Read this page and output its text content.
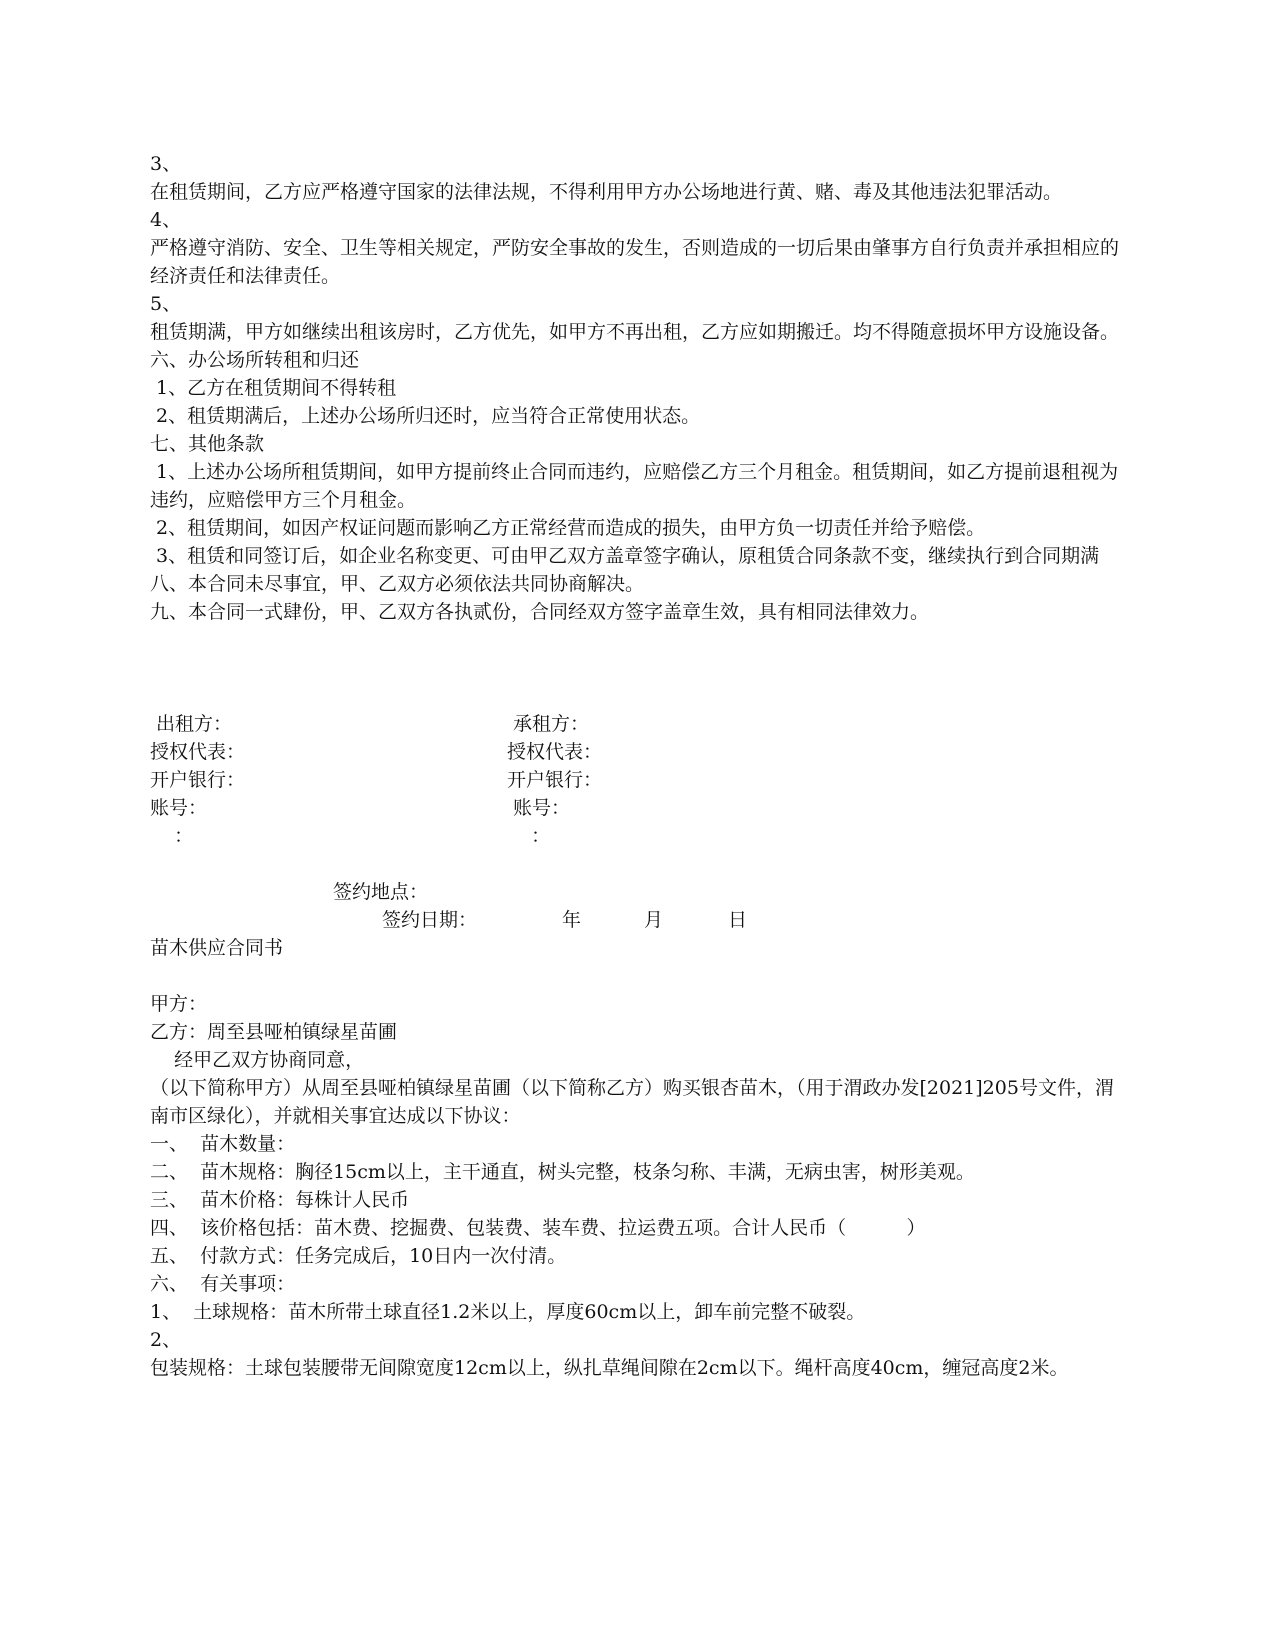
3、
在租赁期间，乙方应严格遵守国家的法律法规，不得利用甲方办公场地进行黄、赌、毒及其他违法犯罪活动。
4、
严格遵守消防、安全、卫生等相关规定，严防安全事故的发生，否则造成的一切后果由肇事方自行负责并承担相应的经济责任和法律责任。
5、
租赁期满，甲方如继续出租该房时，乙方优先，如甲方不再出租，乙方应如期搬迁。均不得随意损坏甲方设施设备。
六、办公场所转租和归还
1、乙方在租赁期间不得转租
2、租赁期满后，上述办公场所归还时，应当符合正常使用状态。
七、其他条款
1、上述办公场所租赁期间，如甲方提前终止合同而违约，应赔偿乙方三个月租金。租赁期间，如乙方提前退租视为违约，应赔偿甲方三个月租金。
2、租赁期间，如因产权证问题而影响乙方正常经营而造成的损失，由甲方负一切责任并给予赔偿。
3、租赁和同签订后，如企业名称变更、可由甲乙双方盖章签字确认，原租赁合同条款不变，继续执行到合同期满
八、本合同未尽事宜，甲、乙双方必须依法共同协商解决。
九、本合同一式肆份，甲、乙双方各执贰份，合同经双方签字盖章生效，具有相同法律效力。
出租方：	承租方：
授权代表：	授权代表：
开户银行：	开户银行：
账号：	账号：
：	：
签约地点：
签约日期：	年	月	日
苗木供应合同书
甲方：
乙方：周至县哑柏镇绿星苗圃
经甲乙双方协商同意，
（以下简称甲方）从周至县哑柏镇绿星苗圃（以下简称乙方）购买银杏苗木，（用于渭政办发[2021]205号文件，渭南市区绿化），并就相关事宜达成以下协议：
一、  苗木数量：
二、  苗木规格：胸径15cm以上，主干通直，树头完整，枝条匀称、丰满，无病虫害，树形美观。
三、  苗木价格：每株计人民币
四、  该价格包括：苗木费、挖掘费、包装费、装车费、拉运费五项。合计人民币（          ）
五、  付款方式：任务完成后，10日内一次付清。
六、  有关事项：
1、  土球规格：苗木所带土球直径1.2米以上，厚度60cm以上，卸车前完整不破裂。
2、
包装规格：土球包装腰带无间隙宽度12cm以上，纵扎草绳间隙在2cm以下。绳杆高度40cm，缠冠高度2米。
